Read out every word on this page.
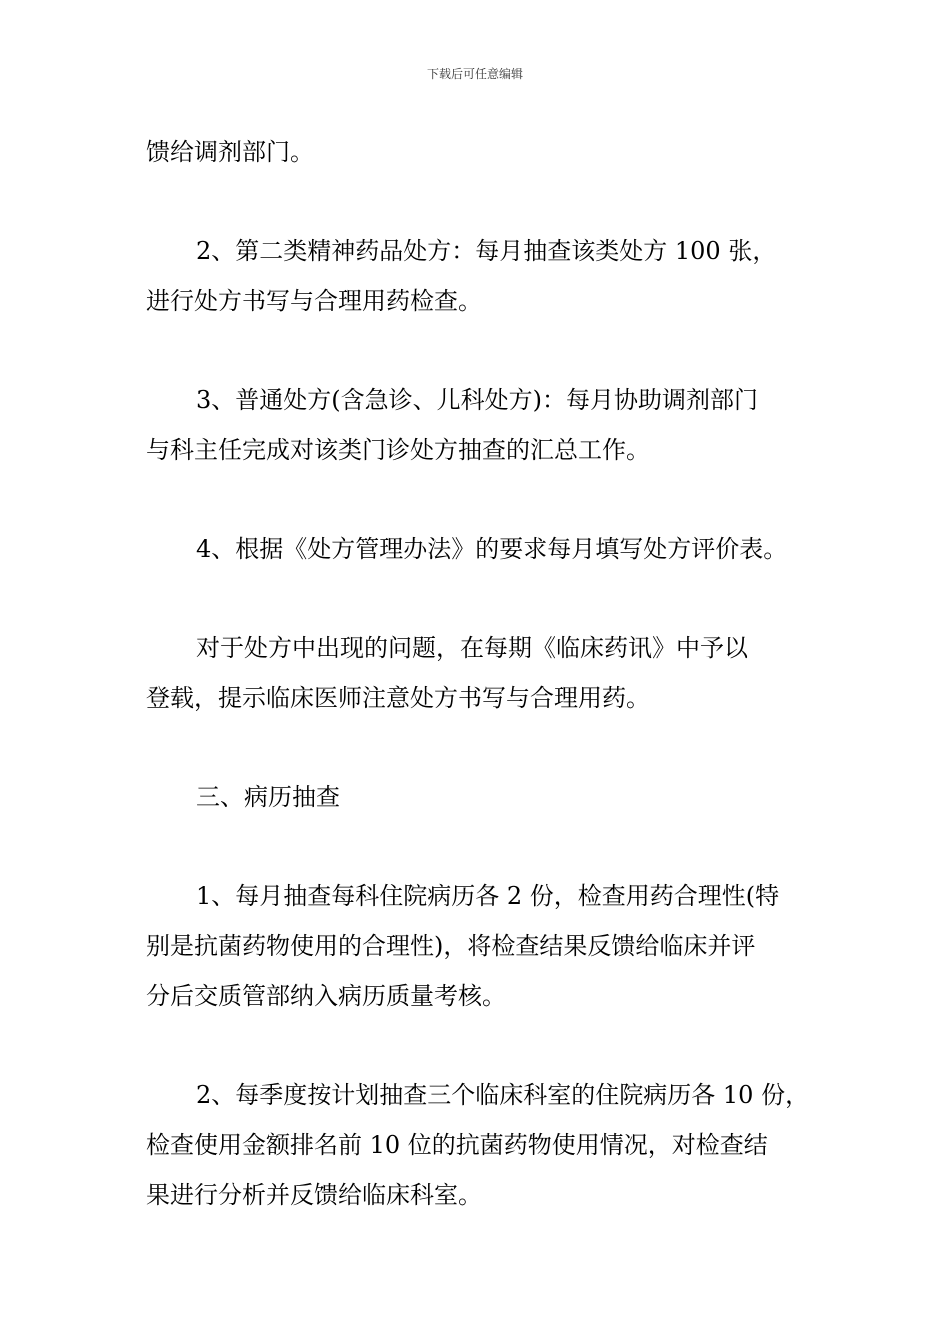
下载后可任意编辑
馈给调剂部门。
2、第二类精神药品处方：每月抽查该类处方 100 张，
进行处方书写与合理用药检查。
3、普通处方(含急诊、儿科处方)：每月协助调剂部门
与科主任完成对该类门诊处方抽查的汇总工作。
4、根据《处方管理办法》的要求每月填写处方评价表。
对于处方中出现的问题，在每期《临床药讯》中予以
登载，提示临床医师注意处方书写与合理用药。
三、病历抽查
1、每月抽查每科住院病历各 2 份，检查用药合理性(特
别是抗菌药物使用的合理性)，将检查结果反馈给临床并评
分后交质管部纳入病历质量考核。
2、每季度按计划抽查三个临床科室的住院病历各 10 份，
检查使用金额排名前 10 位的抗菌药物使用情况，对检查结
果进行分析并反馈给临床科室。
